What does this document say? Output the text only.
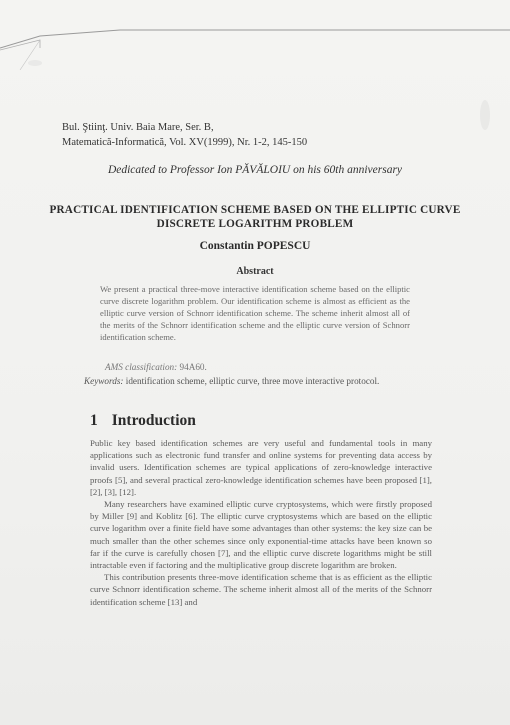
Bul. Ştiinţ. Univ. Baia Mare, Ser. B,
Matematică-Informatică, Vol. XV(1999), Nr. 1-2, 145-150
Dedicated to Professor Ion PĂVĂLOIU on his 60th anniversary
PRACTICAL IDENTIFICATION SCHEME BASED ON THE ELLIPTIC CURVE DISCRETE LOGARITHM PROBLEM
Constantin POPESCU
Abstract
We present a practical three-move interactive identification scheme based on the elliptic curve discrete logarithm problem. Our identification scheme is almost as efficient as the elliptic curve version of Schnorr identification scheme. The scheme inherit almost all of the merits of the Schnorr identification scheme and the elliptic curve version of Schnorr identification scheme.
AMS classification: 94A60.
Keywords: identification scheme, elliptic curve, three move interactive protocol.
1 Introduction

Public key based identification schemes are very useful and fundamental tools in many applications such as electronic fund transfer and online systems for preventing data access by invalid users. Identification schemes are typical applications of zero-knowledge interactive proofs [5], and several practical zero-knowledge identification schemes have been proposed [1], [2], [3], [12].

Many researchers have examined elliptic curve cryptosystems, which were firstly proposed by Miller [9] and Koblitz [6]. The elliptic curve cryptosystems which are based on the elliptic curve logarithm over a finite field have some advantages than other systems: the key size can be much smaller than the other schemes since only exponential-time attacks have been known so far if the curve is carefully chosen [7], and the elliptic curve discrete logarithms might be still intractable even if factoring and the multiplicative group discrete logarithm are broken.

This contribution presents three-move identification scheme that is as efficient as the elliptic curve Schnorr identification scheme. The scheme inherit almost all of the merits of the Schnorr identification scheme [13] and
